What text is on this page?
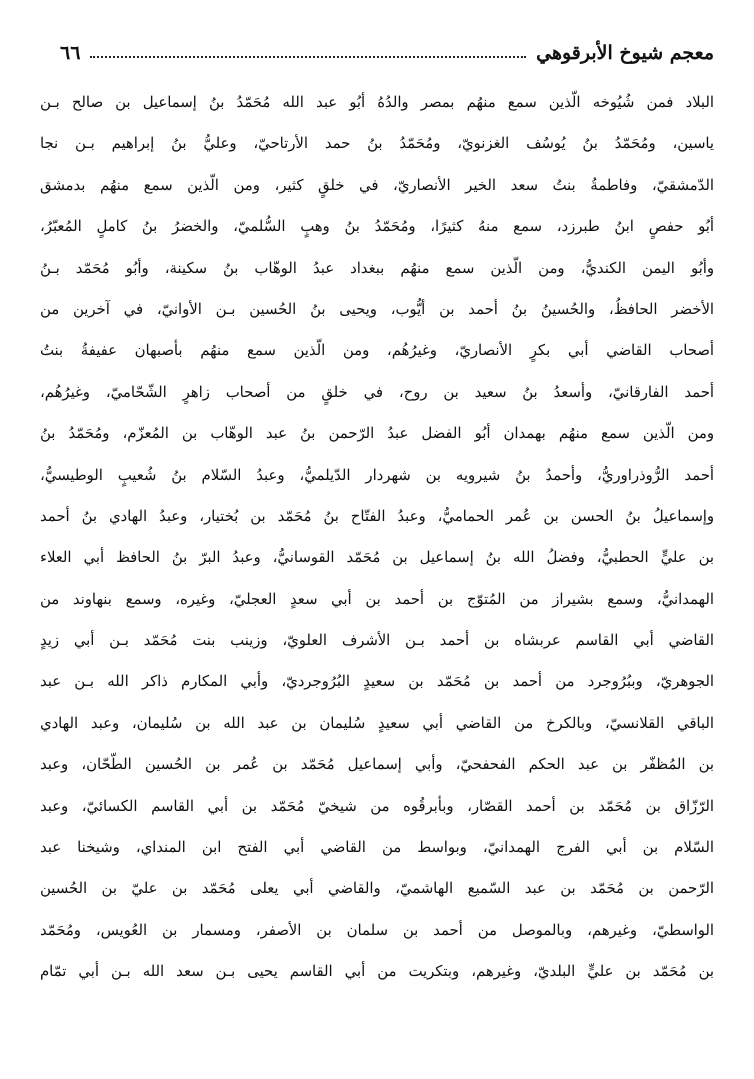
معجم شيوخ الأبرقوهي
٦٦
البلاد فمن شُيُوخه الّذين سمع منهُم بمصر والدُهُ أبُو عبد الله مُحَمّدُ بنُ إسماعيل بن صالح بـن
ياسين، ومُحَمّدُ بنُ يُوسُف الغزنويّ، ومُحَمّدُ بنُ حمد الأرتاحيّ، وعليُّ بنُ إبراهيم بـن نجا
الدّمشقيّ، وفاطمةُ بنتُ سعد الخير الأنصاريّ، في خلقٍ كثير، ومن الّذين سمع منهُم بدمشق
أبُو حفصٍ ابنُ طبرزد، سمع منهُ كثيرًا، ومُحَمّدُ بنُ وهبٍ السُّلميّ، والخضرُ بنُ كاملٍ المُعبّرُ،
وأبُو اليمن الكنديُّ، ومن الّذين سمع منهُم ببغداد عبدُ الوهّاب بنُ سكينة، وأبُو مُحَمّد بـنُ
الأخضر الحافظُ، والحُسينُ بنُ أحمد بن أيُّوب، ويحيى بنُ الحُسين بـن الأوانيّ، في آخرين من
أصحاب القاضي أبي بكرٍ الأنصاريّ، وغيرُهُم، ومن الّذين سمع منهُم بأصبهان عفيفةُ بنتُ
أحمد الفارقانيّ، وأسعدُ بنُ سعيد بن روح، في خلقٍ من أصحاب زاهرٍ الشّحّاميّ، وغيرُهُم،
ومن الّذين سمع منهُم بهمدان أبُو الفضل عبدُ الرّحمن بنُ عبد الوهّاب بن المُعزّم، ومُحَمّدُ بنُ
أحمد الرُّوذراوريُّ، وأحمدُ بنُ شيرويه بن شهردار الدّيلميُّ، وعبدُ السّلام بنُ شُعيبٍ الوطيسيُّ،
وإسماعيلُ بنُ الحسن بن عُمر الحماميُّ، وعبدُ الفتّاح بنُ مُحَمّد بن بُختيار، وعبدُ الهادي بنُ أحمد
بن عليٍّ الحطبيُّ، وفضلُ الله بنُ إسماعيل بن مُحَمّد القوسانيُّ، وعبدُ البرّ بنُ الحافظ أبي العلاء
الهمدانيُّ، وسمع بشيراز من المُتوّج بن أحمد بن أبي سعدٍ العجليّ، وغيره، وسمع بنهاوند من
القاضي أبي القاسم عربشاه بن أحمد بـن الأشرف العلويّ، وزينب بنت مُحَمّد بـن أبي زيدٍ
الجوهريّ، وببُرُوجرد من أحمد بن مُحَمّد بن سعيدٍ البُرُوجرديّ، وأبي المكارم ذاكر الله بـن عبد
الباقي القلانسيّ، وبالكرخ من القاضي أبي سعيدٍ سُليمان بن عبد الله بن سُليمان، وعبد الهادي
بن المُظفّر بن عبد الحكم الفحفحيّ، وأبي إسماعيل مُحَمّد بن عُمر بن الحُسين الطّحّان، وعبد
الرّزّاق بن مُحَمّد بن أحمد القصّار، وبأبرقُوه من شيخيّ مُحَمّد بن أبي القاسم الكسائيّ، وعبد
السّلام بن أبي الفرج الهمدانيّ، وبواسط من القاضي أبي الفتح ابن المنداي، وشيخنا عبد
الرّحمن بن مُحَمّد بن عبد السّميع الهاشميّ، والقاضي أبي يعلى مُحَمّد بن عليّ بن الحُسين
الواسطيّ، وغيرهم، وبالموصل من أحمد بن سلمان بن الأصفر، ومسمار بن العُويس، ومُحَمّد
بن مُحَمّد بن عليٍّ البلديّ، وغيرهم، وبتكريت من أبي القاسم يحيى بـن سعد الله بـن أبي تمّام
